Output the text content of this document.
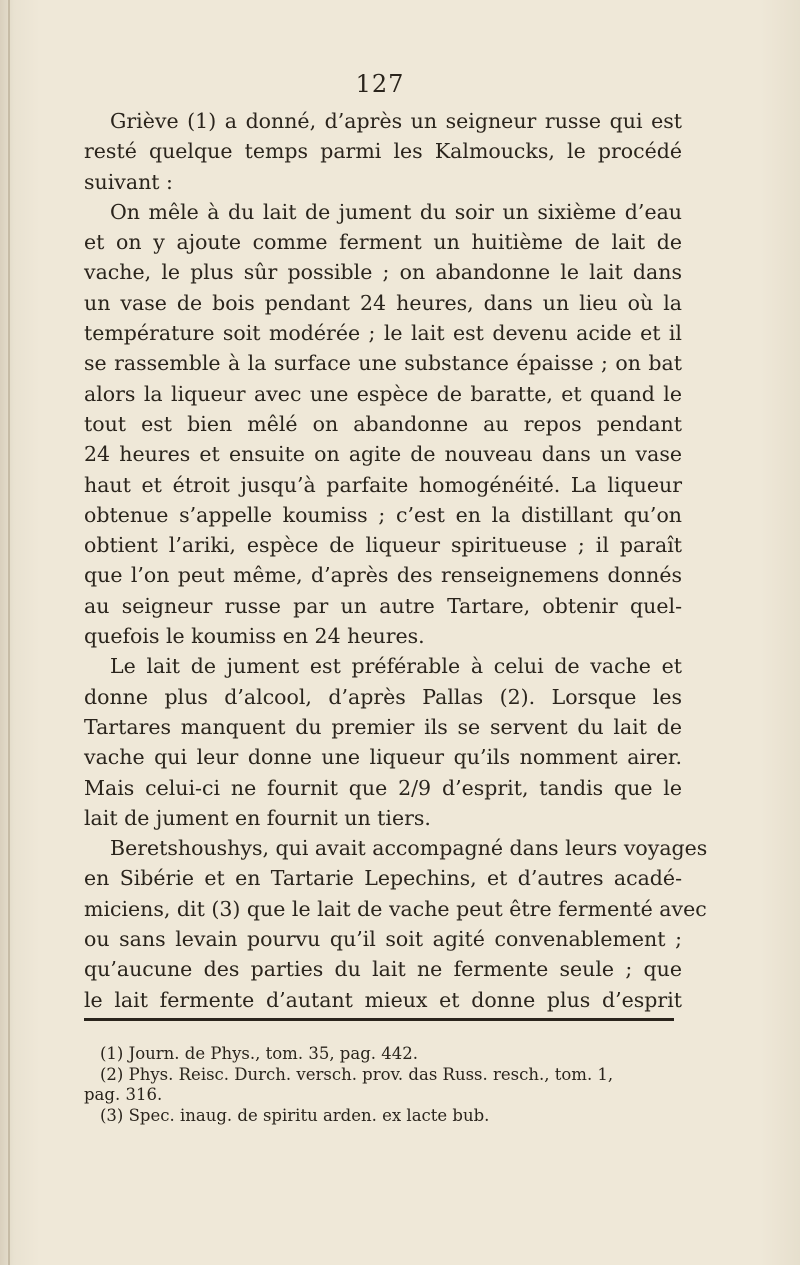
127
Grièvе (1) a donné, d’après un seigneur russe qui est
resté quelque temps parmi les Kalmoucks, le procédé
suivant :
On mêle à du lait de jument du soir un sixième d’eau
et on y ajoute comme ferment un huitième de lait de
vache, le plus sûr possible ; on abandonne le lait dans
un vase de bois pendant 24 heures, dans un lieu où la
température soit modérée ; le lait est devenu acide et il
se rassemble à la surface une substance épaisse ; on bat
alors la liqueur avec une espèce de baratte, et quand le
tout est bien mêlé on abandonne au repos pendant
24 heures et ensuite on agite de nouveau dans un vase
haut et étroit jusqu’à parfaite homogénéité. La liqueur
obtenue s’appelle koumiss ; c’est en la distillant qu’on
obtient l’ariki, espèce de liqueur spiritueuse ; il paraît
que l’on peut même, d’après des renseignemens donnés
au seigneur russe par un autre Tartare, obtenir quel-
quefois le koumiss en 24 heures.
Le lait de jument est préférable à celui de vache et
donne plus d’alcool, d’après Pallas (2). Lorsque les
Tartares manquent du premier ils se servent du lait de
vache qui leur donne une liqueur qu’ils nomment airer.
Mais celui-ci ne fournit que 2/9 d’esprit, tandis que le
lait de jument en fournit un tiers.
Beretshoushys, qui avait accompagné dans leurs voyages
en Sibérie et en Tartarie Lepechins, et d’autres acadé-
miciens, dit (3) que le lait de vache peut être fermenté avec
ou sans levain pourvu qu’il soit agité convenablement ;
qu’aucune des parties du lait ne fermente seule ; que
le lait fermente d’autant mieux et donne plus d’esprit
(1) Journ. de Phys., tom. 35, pag. 442.
(2) Phys. Reisc. Durch. versch. prov. das Russ. resch., tom. 1,
pag. 316.
(3) Spec. inaug. de spiritu arden. ex lacte bub.
